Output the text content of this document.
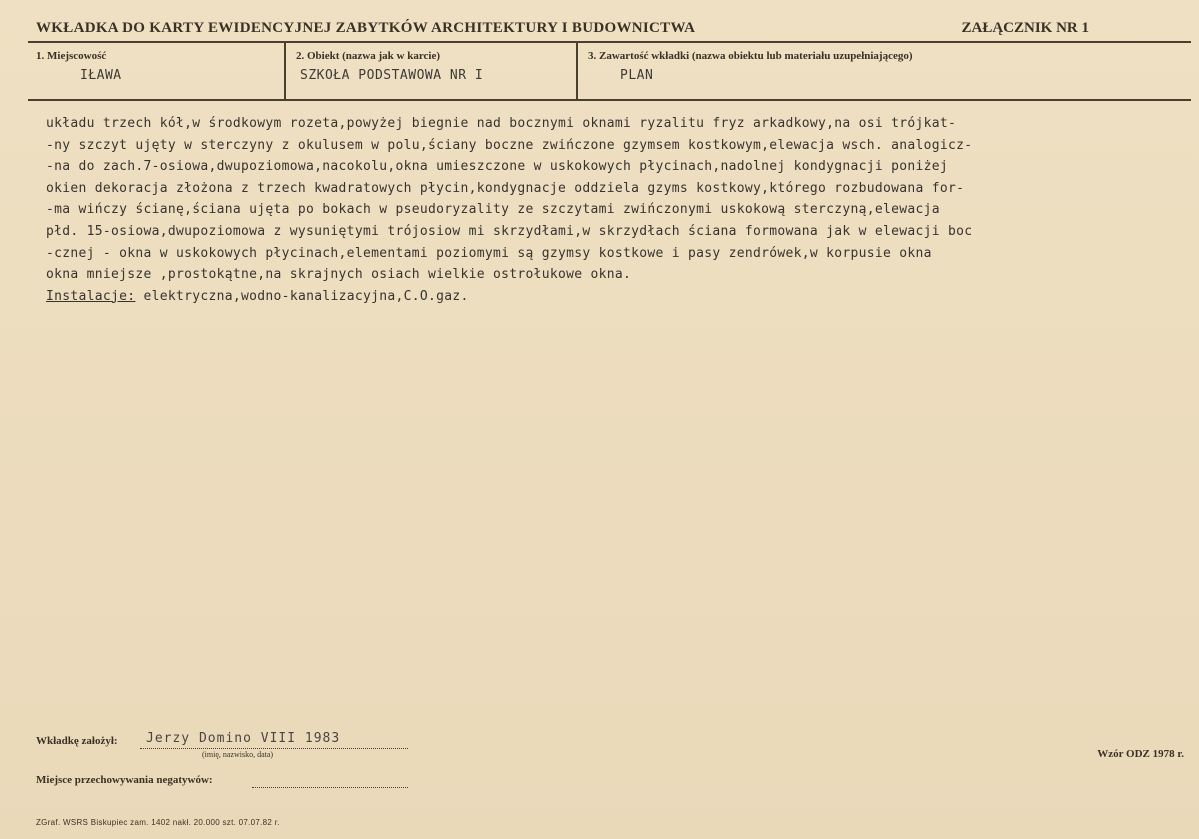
WKŁADKA DO KARTY EWIDENCYJNEJ ZABYTKÓW ARCHITEKTURY I BUDOWNICTWA	ZAŁĄCZNIK NR 1
1. Miejscowość
IŁAWA
2. Obiekt (nazwa jak w karcie)
SZKOŁA PODSTAWOWA NR I
3. Zawartość wkładki (nazwa obiektu lub materiału uzupełniającego)
PLAN
układu trzech kół,w środkowym rozeta,powyżej biegnie nad bocznymi oknami ryzalitu fryz arkadkowy,na osi trójkat-
-ny szczyt ujęty w sterczyny z okulusem w polu,ściany boczne zwińczone gzymsem kostkowym,elewacja wsch. analogicz-
-na do zach.7-osiowa,dwupoziomowa,nacokolu,okna umieszczone w uskokowych płycinach,nadolnej kondygnacji poniżej
okien dekoracja złożona z trzech kwadratowych płycin,kondygnacje oddziela gzyms kostkowy,którego rozbudowana for-
-ma wińczy ścianę,ściana ujęta po bokach w pseudoryzality ze szczytami zwińczonymi uskokową sterczyną,elewacja
płd. 15-osiowa,dwupoziomowa z wysuniętymi trójosiow mi skrzydłami,w skrzydłach ściana formowana jak w elewacji boc
-cznej - okna w uskokowych płycinach,elementami poziomymi są gzymsy kostkowe i pasy zendrówek,w korpusie okna
okna mniejsze ,prostokątne,na skrajnych osiach wielkie ostrołukowe okna.
Instalacje: elektryczna,wodno-kanalizacyjna,C.O.gaz.
Wkładkę założył: Jerzy Domino VIII 1983
(imię, nazwisko, data)
Miejsce przechowywania negatywów:
Wzór ODZ 1978 r.
ZGraf. WSRS Biskupiec zam. 1402 nakł. 20.000 szt. 07.07.82 r.
